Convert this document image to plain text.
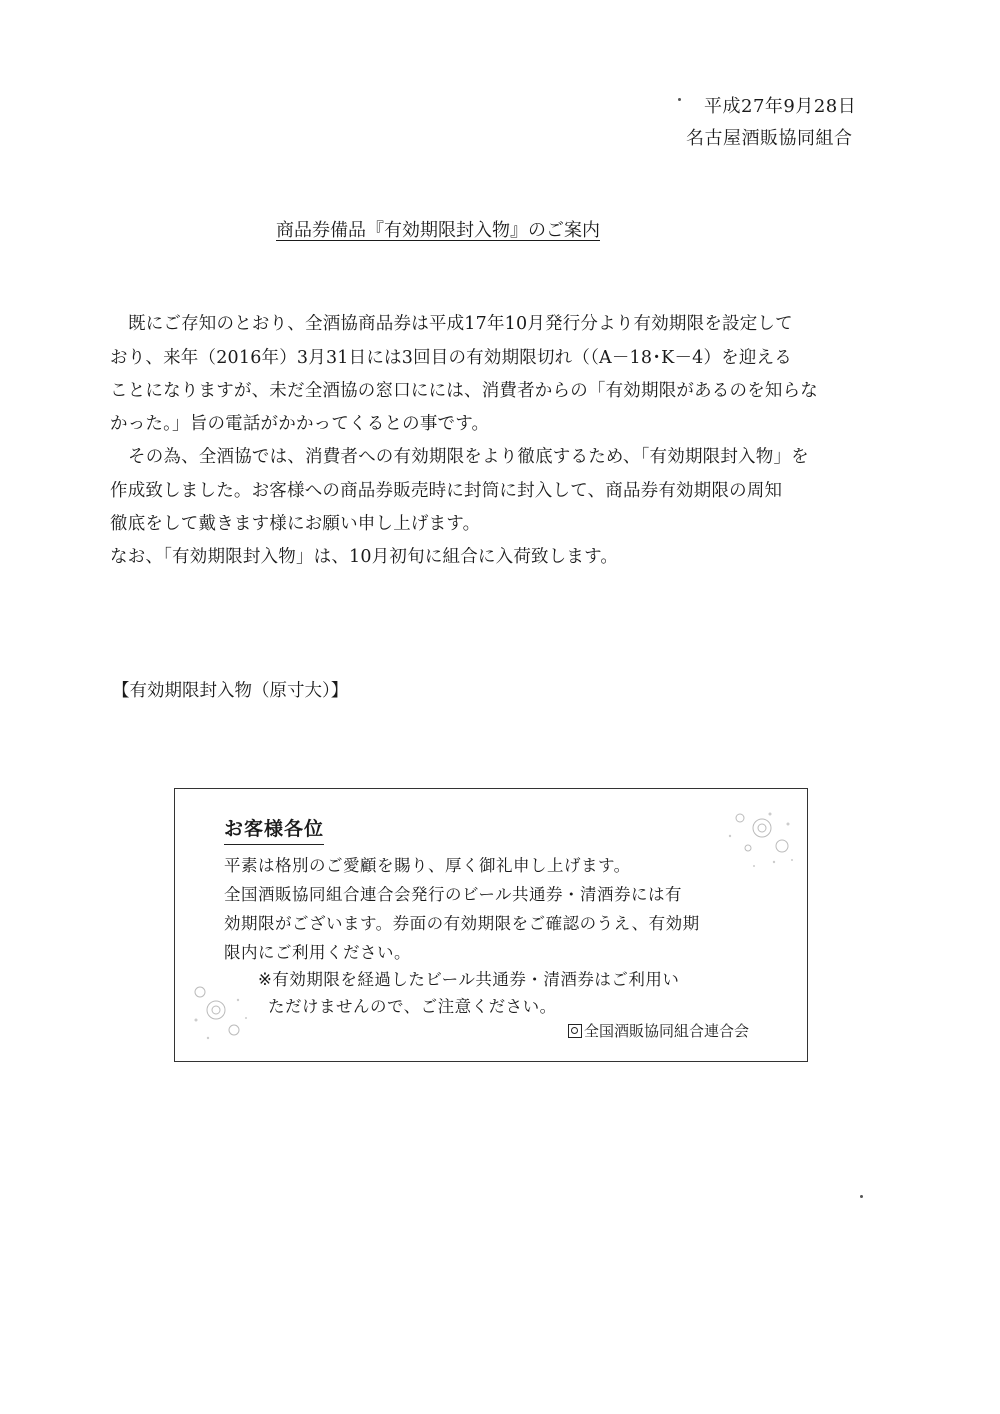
平成27年9月28日
名古屋酒販協同組合
商品券備品『有効期限封入物』のご案内
既にご存知のとおり、全酒協商品券は平成17年10月発行分より有効期限を設定して
おり、来年（2016年）3月31日には3回目の有効期限切れ（（A－18･K－4）を迎える
ことになりますが、未だ全酒協の窓口にには、消費者からの「有効期限があるのを知らな
かった。」旨の電話がかかってくるとの事です。
その為、全酒協では、消費者への有効期限をより徹底するため、「有効期限封入物」を
作成致しました。お客様への商品券販売時に封筒に封入して、商品券有効期限の周知
徹底をして戴きます様にお願い申し上げます。
なお、「有効期限封入物」は、10月初旬に組合に入荷致します。
【有効期限封入物（原寸大）】
お客様各位
平素は格別のご愛顧を賜り、厚く御礼申し上げます。
全国酒販協同組合連合会発行のビール共通券・清酒券には有
効期限がございます。券面の有効期限をご確認のうえ、有効期
限内にご利用ください。
※有効期限を経過したビール共通券・清酒券はご利用い
ただけませんので、ご注意ください。
全国酒販協同組合連合会
